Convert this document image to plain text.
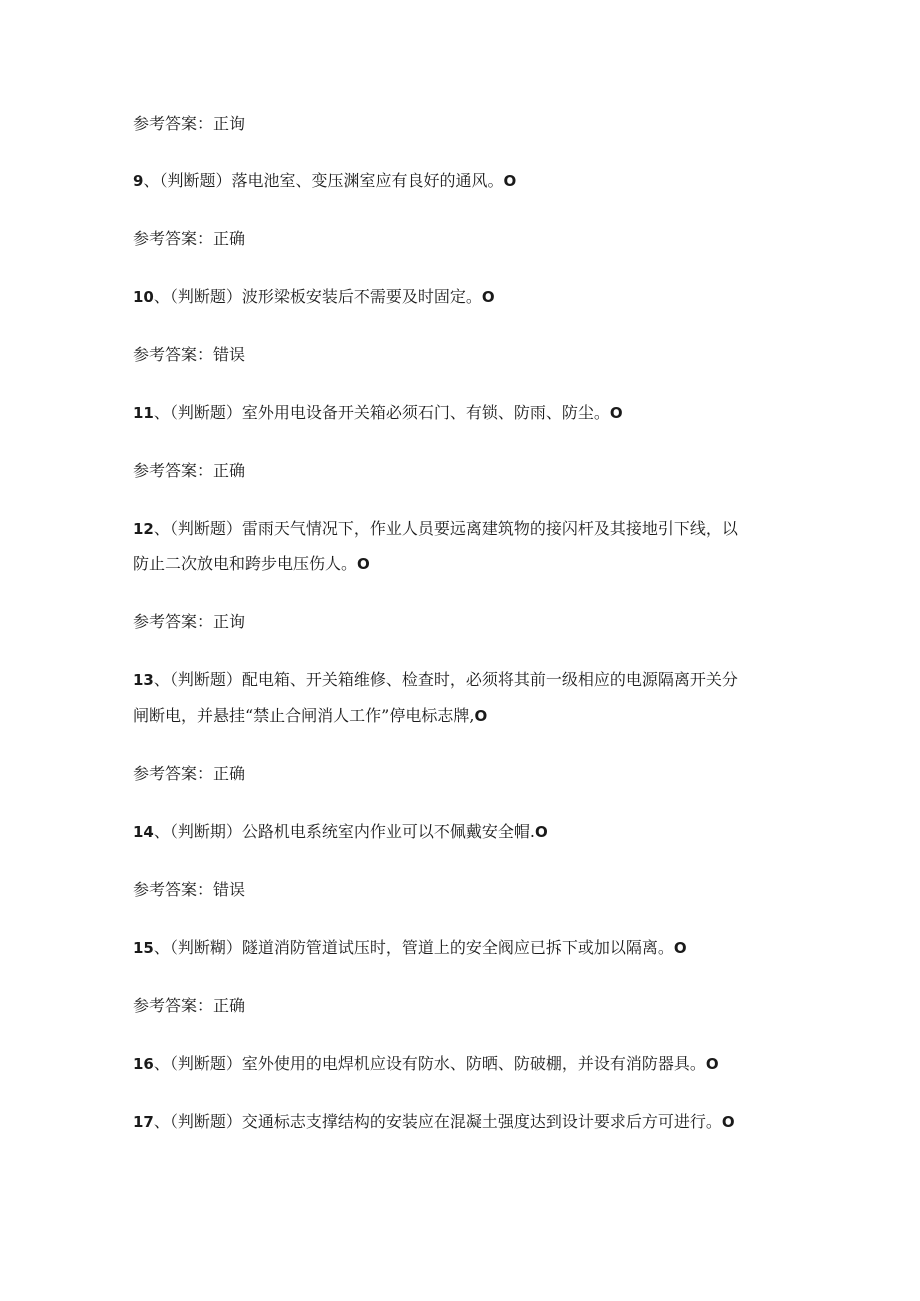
参考答案：正询
9、（判断题）落电池室、变压渊室应有良好的通风。O
参考答案：正确
10、（判断题）波形梁板安装后不需要及时固定。O
参考答案：错误
11、（判断题）室外用电设备开关箱必须石门、有锁、防雨、防尘。O
参考答案：正确
12、（判断题）雷雨天气情况下，作业人员要远离建筑物的接闪杆及其接地引下线，以
防止二次放电和跨步电压伤人。O
参考答案：正询
13、（判断题）配电箱、开关箱维修、检查时，必须将其前一级相应的电源隔离开关分
闸断电，并悬挂“禁止合闸消人工作”停电标志牌,O
参考答案：正确
14、（判断期）公路机电系统室内作业可以不佩戴安全帽.O
参考答案：错误
15、（判断糊）隧道消防管道试压时，管道上的安全阀应已拆下或加以隔离。O
参考答案：正确
16、（判断题）室外使用的电焊机应设有防水、防晒、防破棚，并设有消防器具。O
17、（判断题）交通标志支撑结构的安装应在混凝土强度达到设计要求后方可进行。O
